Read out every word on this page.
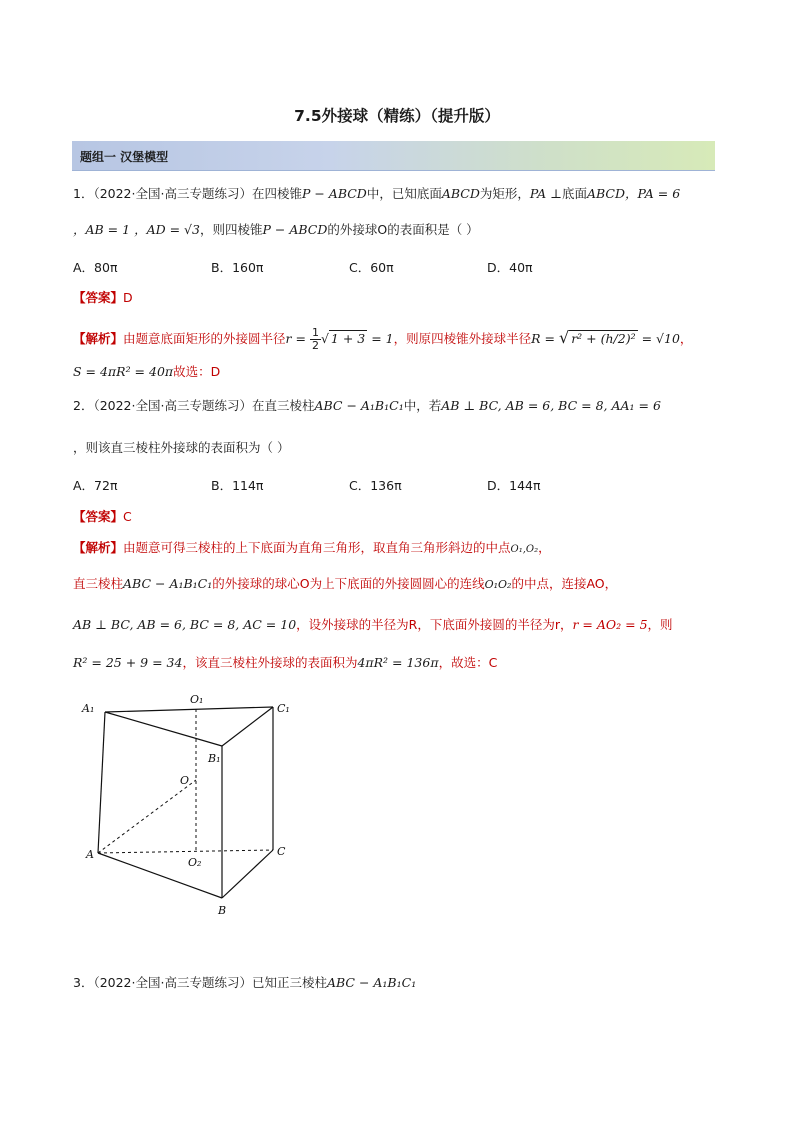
7.5外接球（精练）（提升版）
题组一 汉堡模型
1．（2022·全国·高三专题练习）在四棱锥P − ABCD中，已知底面ABCD为矩形，PA ⊥底面ABCD，PA = 6
，AB = 1 ，AD = √3，则四棱锥P − ABCD的外接球O的表面积是（ ）
A．80π	B．160π	C．60π	D．40π
【答案】D
【解析】由题意底面矩形的外接圆半径$r = \frac{1}{2}$ √ 1 + 3 = 1，则原四棱锥外接球半径R = √ r² + (h/2)² = √10，
S = 4πR² = 40π故选：D
2．（2022·全国·高三专题练习）在直三棱柱ABC − A₁B₁C₁中，若AB ⊥ BC, AB = 6, BC = 8, AA₁ = 6
，则该直三棱柱外接球的表面积为（ ）
A．72π	B．114π	C．136π	D．144π
【答案】C
【解析】由题意可得三棱柱的上下底面为直角三角形，取直角三角形斜边的中点O₁,O₂，
直三棱柱ABC − A₁B₁C₁的外接球的球心O为上下底面的外接圆圆心的连线O₁O₂的中点，连接AO，
AB ⊥ BC, AB = 6, BC = 8, AC = 10，设外接球的半径为R，下底面外接圆的半径为r，r = AO₂ = 5，则
R² = 25 + 9 = 34，该直三棱柱外接球的表面积为4πR² = 136π，故选：C
A₁
O₁
C₁
B₁
O
A
O₂
C
B
3．（2022·全国·高三专题练习）已知正三棱柱ABC − A₁B₁C₁
